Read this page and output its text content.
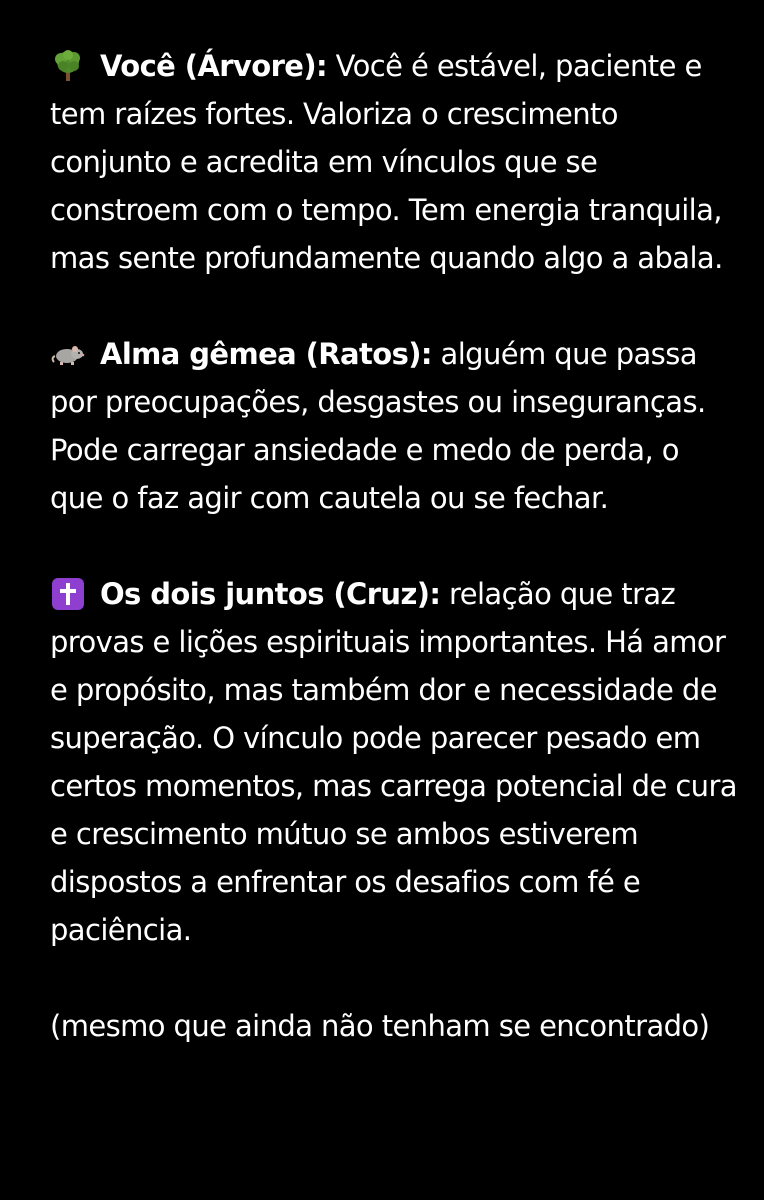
Você (Árvore): Você é estável, paciente e tem raízes fortes. Valoriza o crescimento conjunto e acredita em vínculos que se constroem com o tempo. Tem energia tranquila, mas sente profundamente quando algo a abala.

Alma gêmea (Ratos): alguém que passa por preocupações, desgastes ou inseguranças. Pode carregar ansiedade e medo de perda, o que o faz agir com cautela ou se fechar.

Os dois juntos (Cruz): relação que traz provas e lições espirituais importantes. Há amor e propósito, mas também dor e necessidade de superação. O vínculo pode parecer pesado em certos momentos, mas carrega potencial de cura e crescimento mútuo se ambos estiverem dispostos a enfrentar os desafios com fé e paciência.

(mesmo que ainda não tenham se encontrado)
